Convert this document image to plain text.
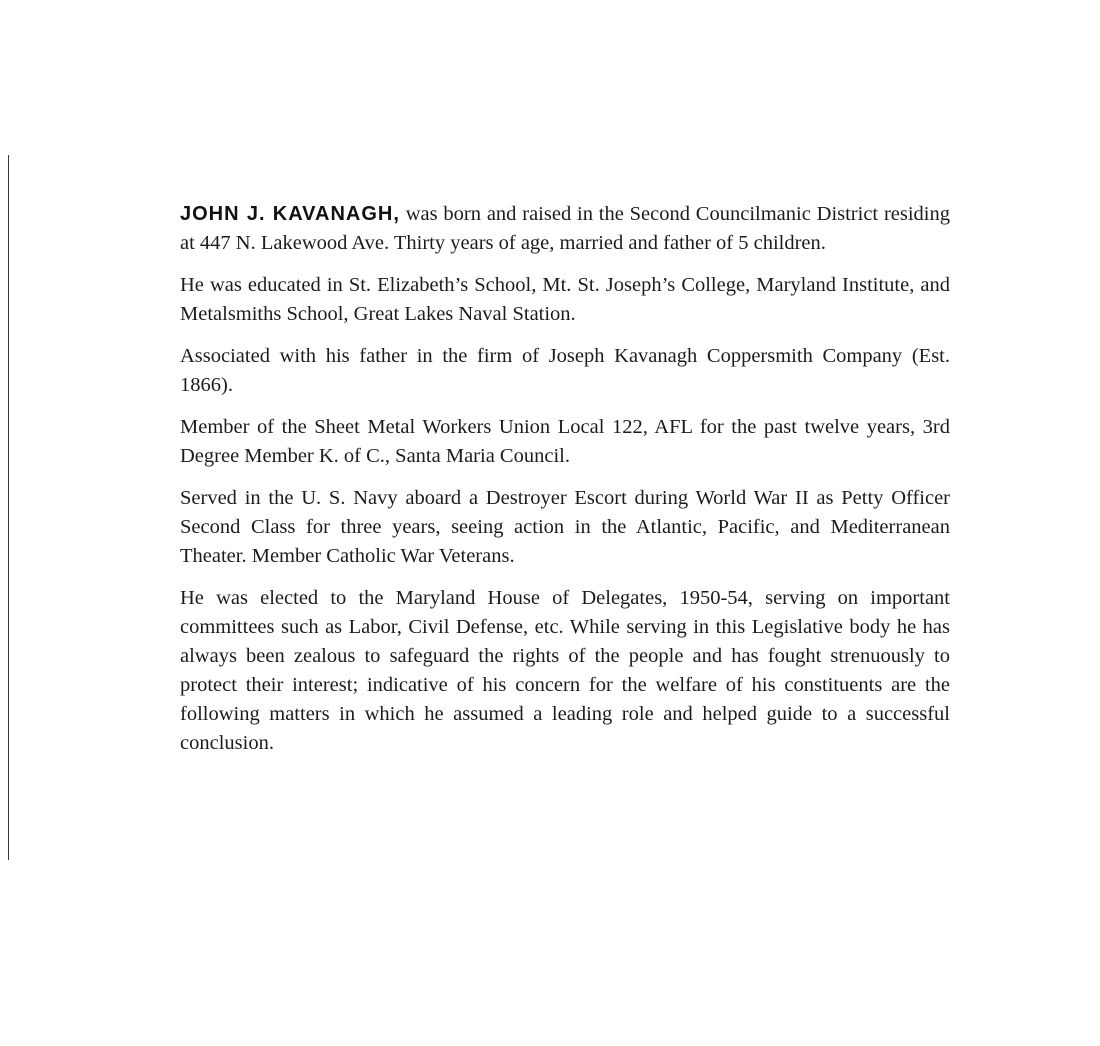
JOHN J. KAVANAGH, was born and raised in the Second Councilmanic District residing at 447 N. Lakewood Ave. Thirty years of age, married and father of 5 children.

He was educated in St. Elizabeth’s School, Mt. St. Joseph’s College, Maryland Institute, and Metalsmiths School, Great Lakes Naval Station.

Associated with his father in the firm of Joseph Kavanagh Coppersmith Company (Est. 1866).

Member of the Sheet Metal Workers Union Local 122, AFL for the past twelve years, 3rd Degree Member K. of C., Santa Maria Council.

Served in the U. S. Navy aboard a Destroyer Escort during World War II as Petty Officer Second Class for three years, seeing action in the Atlantic, Pacific, and Mediterranean Theater. Member Catholic War Veterans.

He was elected to the Maryland House of Delegates, 1950-54, serving on important committees such as Labor, Civil Defense, etc. While serving in this Legislative body he has always been zealous to safeguard the rights of the people and has fought strenuously to protect their interest; indicative of his concern for the welfare of his constituents are the following matters in which he assumed a leading role and helped guide to a successful conclusion.
